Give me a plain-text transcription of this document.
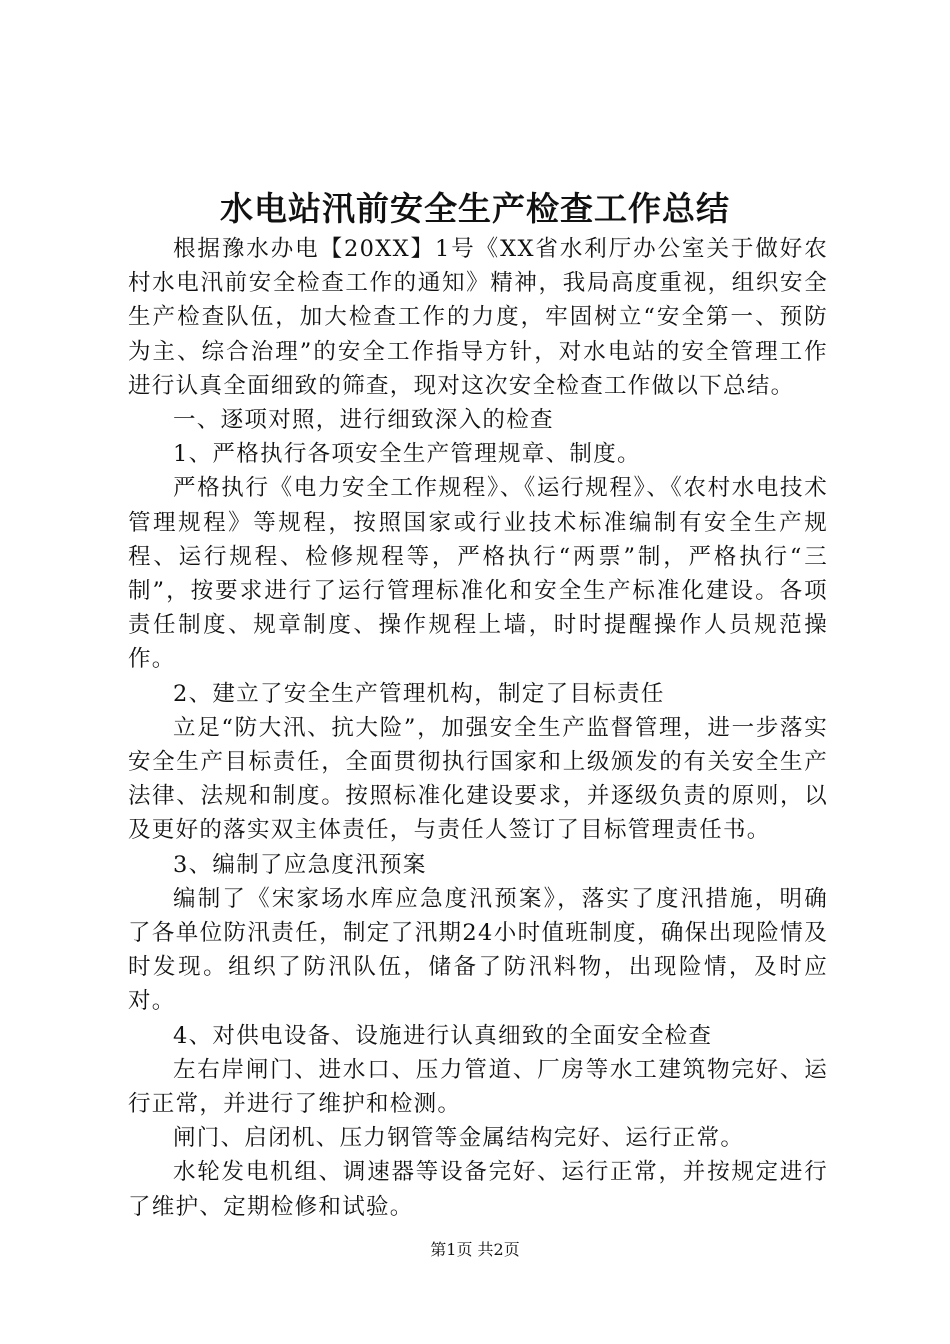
水电站汛前安全生产检查工作总结

根据豫水办电【20XX】1号《XX省水利厅办公室关于做好农村水电汛前安全检查工作的通知》精神，我局高度重视，组织安全生产检查队伍，加大检查工作的力度，牢固树立“安全第一、预防为主、综合治理”的安全工作指导方针，对水电站的安全管理工作进行认真全面细致的筛查，现对这次安全检查工作做以下总结。

一、逐项对照，进行细致深入的检查

1、严格执行各项安全生产管理规章、制度。

严格执行《电力安全工作规程》、《运行规程》、《农村水电技术管理规程》等规程，按照国家或行业技术标准编制有安全生产规程、运行规程、检修规程等，严格执行“两票”制，严格执行“三制”，按要求进行了运行管理标准化和安全生产标准化建设。各项责任制度、规章制度、操作规程上墙，时时提醒操作人员规范操作。

2、建立了安全生产管理机构，制定了目标责任

立足“防大汛、抗大险”，加强安全生产监督管理，进一步落实安全生产目标责任，全面贯彻执行国家和上级颁发的有关安全生产法律、法规和制度。按照标准化建设要求，并逐级负责的原则，以及更好的落实双主体责任，与责任人签订了目标管理责任书。

3、编制了应急度汛预案

编制了《宋家场水库应急度汛预案》，落实了度汛措施，明确了各单位防汛责任，制定了汛期24小时值班制度，确保出现险情及时发现。组织了防汛队伍，储备了防汛料物，出现险情，及时应对。

4、对供电设备、设施进行认真细致的全面安全检查

左右岸闸门、进水口、压力管道、厂房等水工建筑物完好、运行正常，并进行了维护和检测。

闸门、启闭机、压力钢管等金属结构完好、运行正常。

水轮发电机组、调速器等设备完好、运行正常，并按规定进行了维护、定期检修和试验。

第1页 共2页
